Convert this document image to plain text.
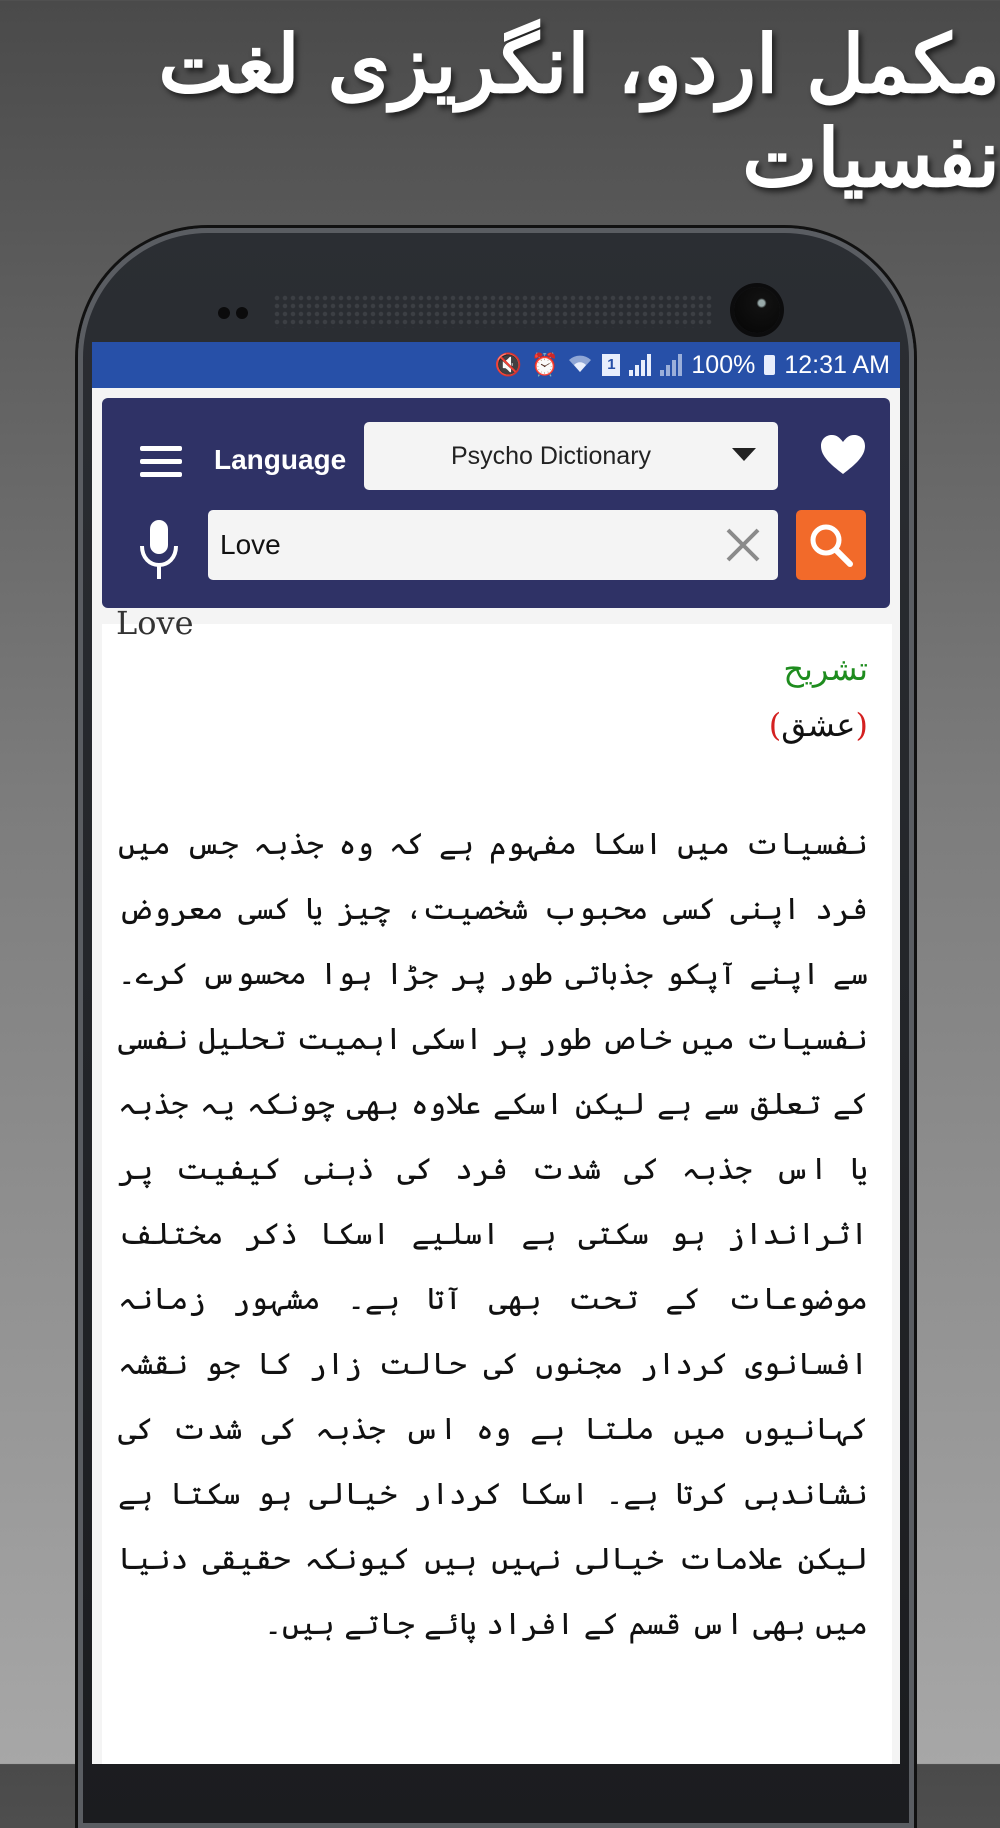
مکمل اردو، انگریزی لغت نفسیات
🔇 ⏰	1	100% 12:31 AM
Language	Psycho Dictionary
Love
Love
تشریح
(عشق)
نفسیات میں اسکا مفہوم ہے کہ وہ جذبہ جس میں فرد اپنی کسی محبوب شخصیت، چیز یا کسی معروض سے اپنے آپکو جذباتی طور پر جڑا ہوا محسوس کرے۔ نفسیات میں خاص طور پر اسکی اہمیت تحلیل نفسی کے تعلق سے ہے لیکن اسکے علاوہ بھی چونکہ یہ جذبہ یا اس جذبہ کی شدت فرد کی ذہنی کیفیت پر اثرانداز ہو سکتی ہے اسلیے اسکا ذکر مختلف موضوعات کے تحت بھی آتا ہے۔ مشہور زمانہ افسانوی کردار مجنوں کی حالت زار کا جو نقشہ کہانیوں میں ملتا ہے وہ اس جذبہ کی شدت کی نشاندہی کرتا ہے۔ اسکا کردار خیالی ہو سکتا ہے لیکن علامات خیالی نہیں ہیں کیونکہ حقیقی دنیا میں بھی اس قسم کے افراد پائے جاتے ہیں۔
